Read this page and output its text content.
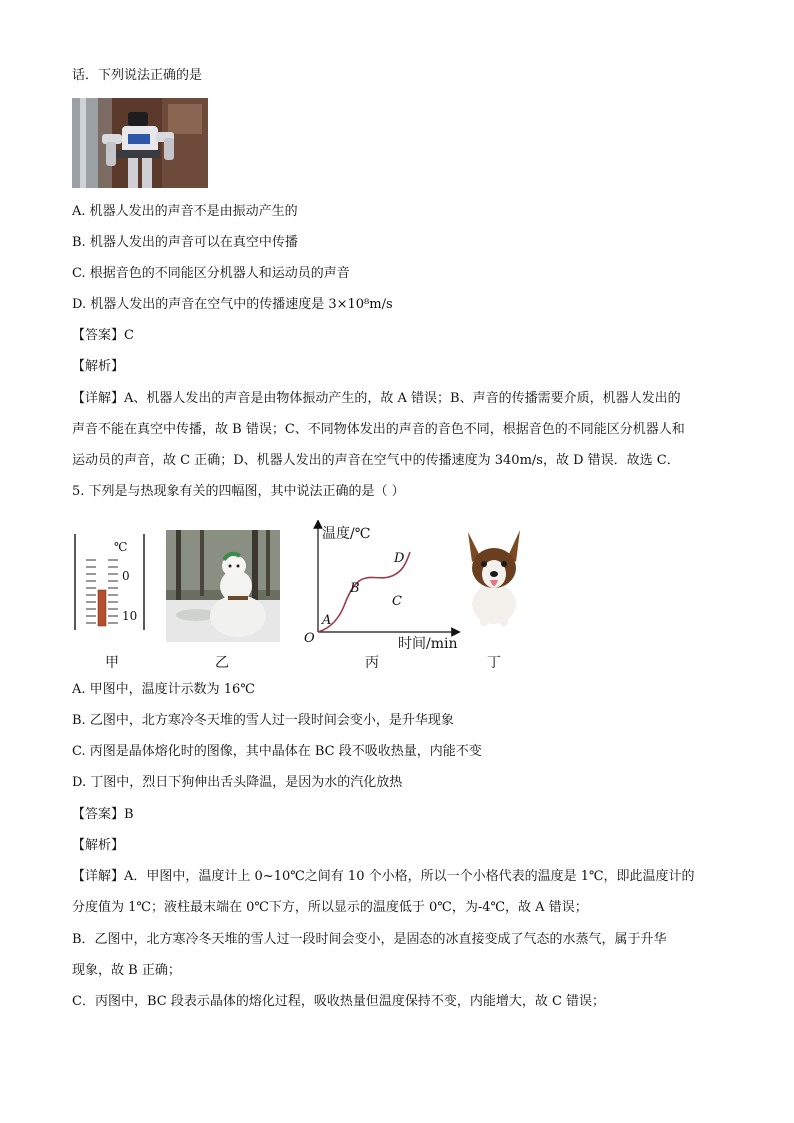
话．下列说法正确的是
A. 机器人发出的声音不是由振动产生的
B. 机器人发出的声音可以在真空中传播
C. 根据音色的不同能区分机器人和运动员的声音
D. 机器人发出的声音在空气中的传播速度是 3×10⁸m/s
【答案】C
【解析】
【详解】A、机器人发出的声音是由物体振动产生的，故 A 错误；B、声音的传播需要介质，机器人发出的
声音不能在真空中传播，故 B 错误；C、不同物体发出的声音的音色不同，根据音色的不同能区分机器人和
运动员的声音，故 C 正确；D、机器人发出的声音在空气中的传播速度为 340m/s，故 D 错误．故选 C．
5. 下列是与热现象有关的四幅图，其中说法正确的是（ ）
℃
0
10
甲	乙
温度/℃
时间/min
O
A
B
C
D
丙	丁
A. 甲图中，温度计示数为 16℃
B. 乙图中，北方寒冷冬天堆的雪人过一段时间会变小，是升华现象
C. 丙图是晶体熔化时的图像，其中晶体在 BC 段不吸收热量，内能不变
D. 丁图中，烈日下狗伸出舌头降温，是因为水的汽化放热
【答案】B
【解析】
【详解】A．甲图中，温度计上 0~10℃之间有 10 个小格，所以一个小格代表的温度是 1℃，即此温度计的
分度值为 1℃；液柱最末端在 0℃下方，所以显示的温度低于 0℃，为-4℃，故 A 错误；
B．乙图中，北方寒冷冬天堆的雪人过一段时间会变小，是固态的冰直接变成了气态的水蒸气，属于升华
现象，故 B 正确；
C．丙图中，BC 段表示晶体的熔化过程，吸收热量但温度保持不变，内能增大，故 C 错误；
